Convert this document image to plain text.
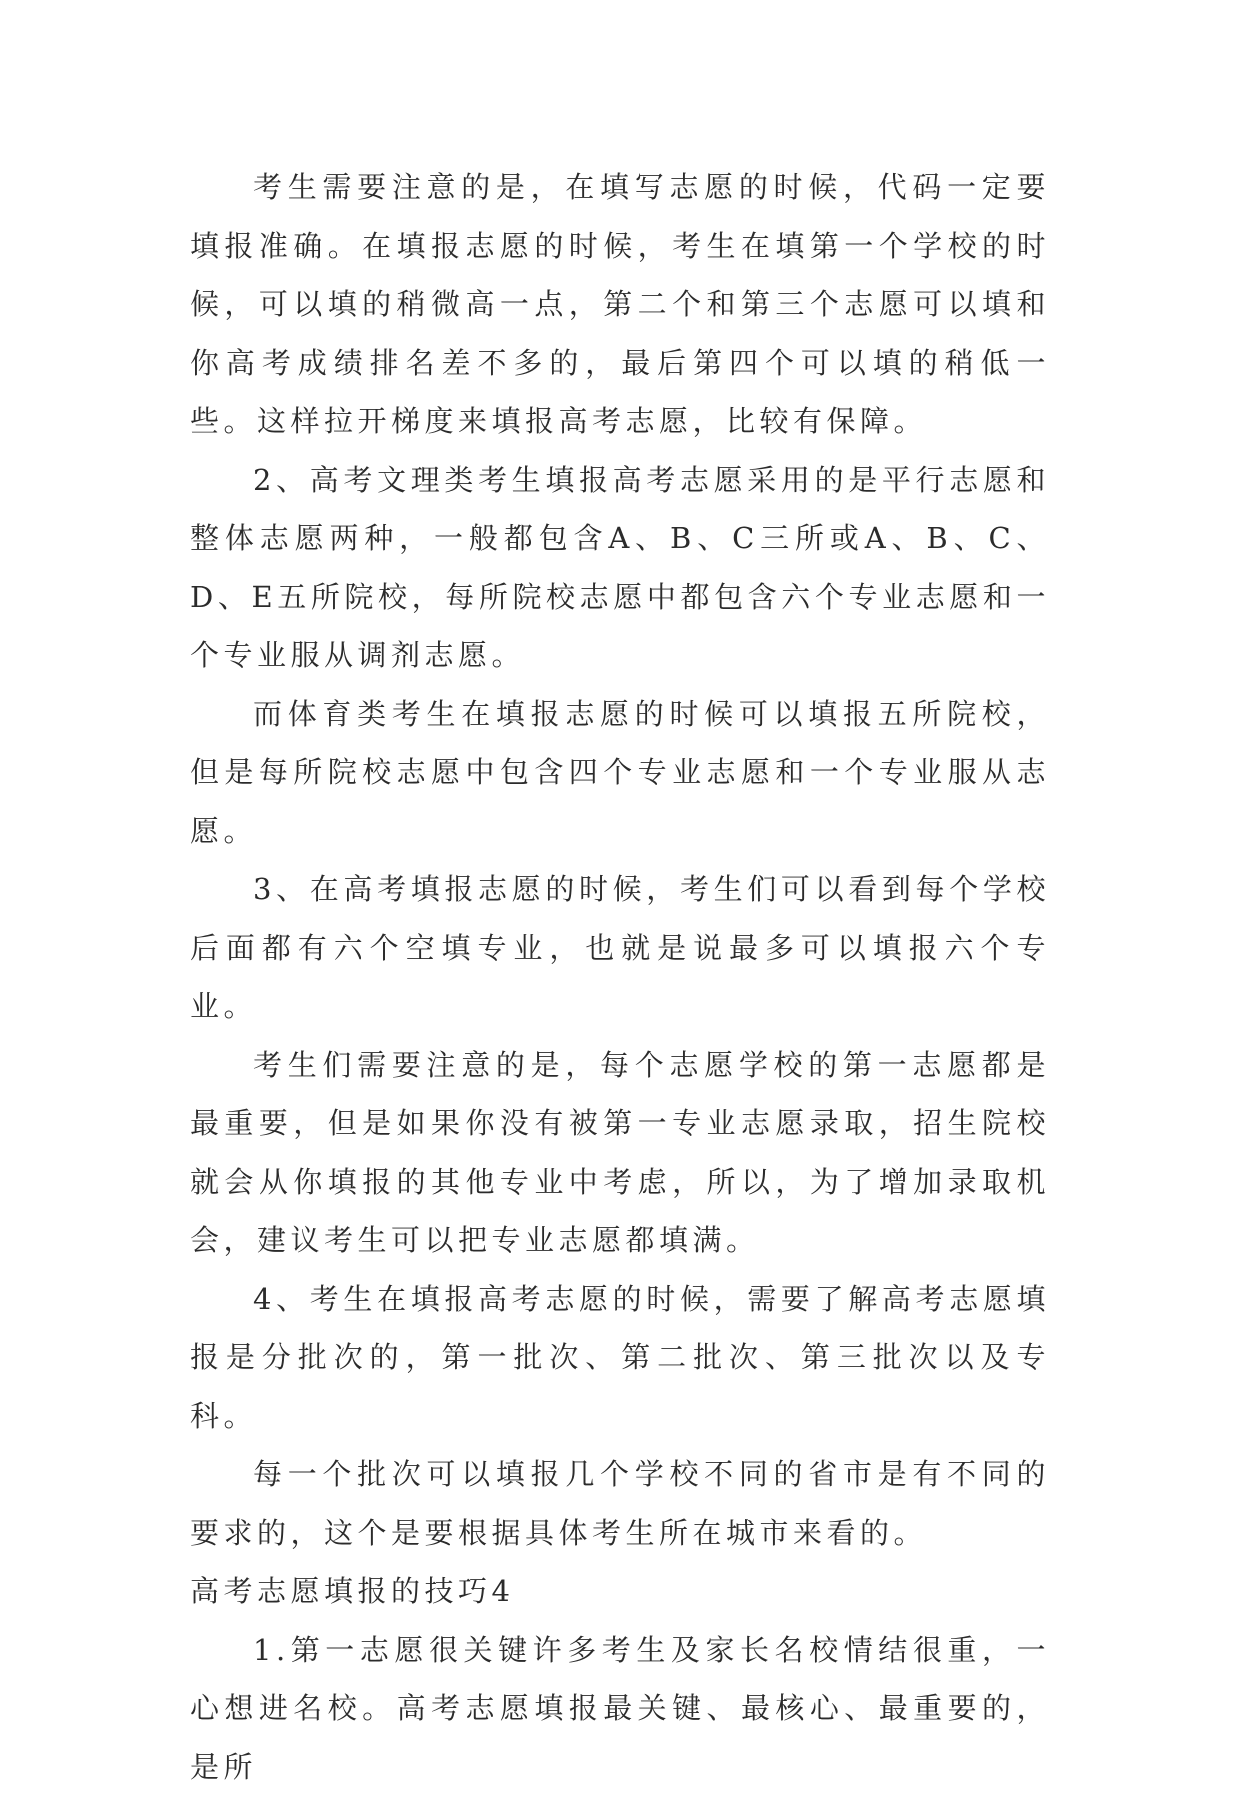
考生需要注意的是，在填写志愿的时候，代码一定要填报准确。在填报志愿的时候，考生在填第一个学校的时候，可以填的稍微高一点，第二个和第三个志愿可以填和你高考成绩排名差不多的，最后第四个可以填的稍低一些。这样拉开梯度来填报高考志愿，比较有保障。

2、高考文理类考生填报高考志愿采用的是平行志愿和整体志愿两种，一般都包含A、B、C三所或A、B、C、D、E五所院校，每所院校志愿中都包含六个专业志愿和一个专业服从调剂志愿。

而体育类考生在填报志愿的时候可以填报五所院校，但是每所院校志愿中包含四个专业志愿和一个专业服从志愿。

3、在高考填报志愿的时候，考生们可以看到每个学校后面都有六个空填专业，也就是说最多可以填报六个专业。

考生们需要注意的是，每个志愿学校的第一志愿都是最重要，但是如果你没有被第一专业志愿录取，招生院校就会从你填报的其他专业中考虑，所以，为了增加录取机会，建议考生可以把专业志愿都填满。

4、考生在填报高考志愿的时候，需要了解高考志愿填报是分批次的，第一批次、第二批次、第三批次以及专科。

每一个批次可以填报几个学校不同的省市是有不同的要求的，这个是要根据具体考生所在城市来看的。

高考志愿填报的技巧4

1.第一志愿很关键许多考生及家长名校情结很重，一心想进名校。高考志愿填报最关键、最核心、最重要的，是所
